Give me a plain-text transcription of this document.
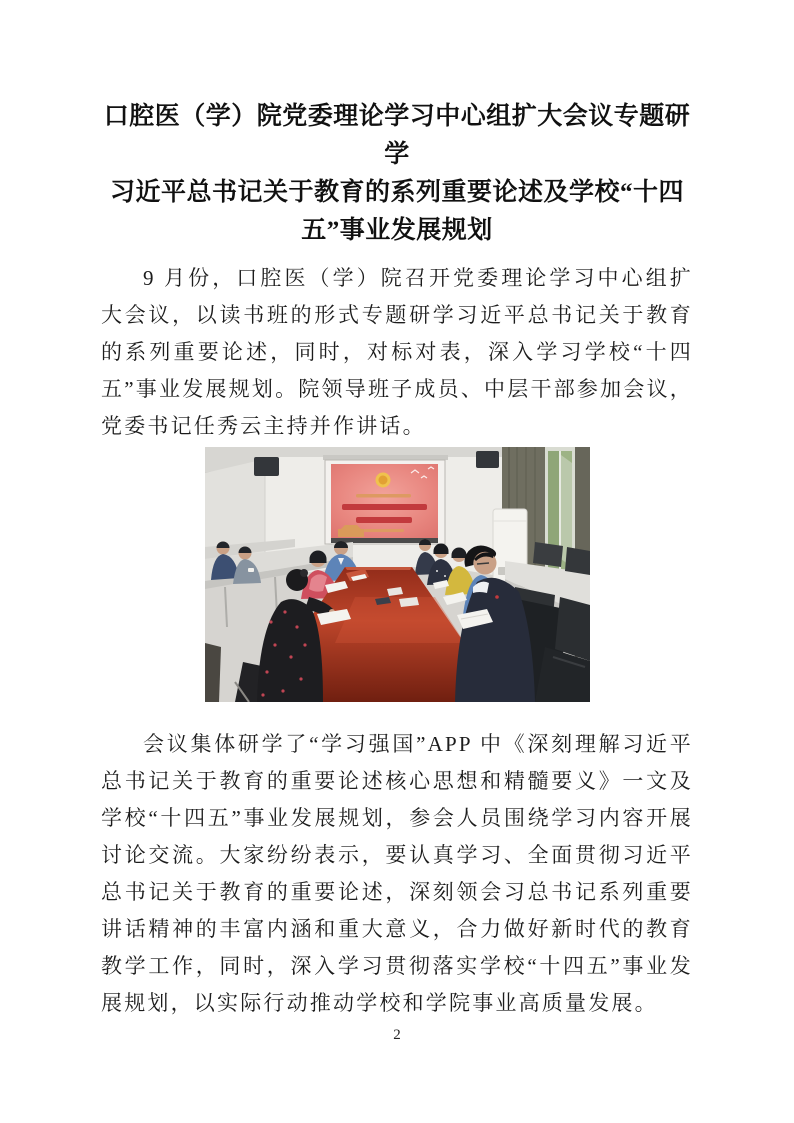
口腔医（学）院党委理论学习中心组扩大会议专题研学
习近平总书记关于教育的系列重要论述及学校“十四
五”事业发展规划
9 月份，口腔医（学）院召开党委理论学习中心组扩大会议，以读书班的形式专题研学习近平总书记关于教育的系列重要论述，同时，对标对表，深入学习学校“十四五”事业发展规划。院领导班子成员、中层干部参加会议，党委书记任秀云主持并作讲话。
会议集体研学了“学习强国”APP 中《深刻理解习近平总书记关于教育的重要论述核心思想和精髓要义》一文及学校“十四五”事业发展规划，参会人员围绕学习内容开展讨论交流。大家纷纷表示，要认真学习、全面贯彻习近平总书记关于教育的重要论述，深刻领会习总书记系列重要讲话精神的丰富内涵和重大意义，合力做好新时代的教育教学工作，同时，深入学习贯彻落实学校“十四五”事业发展规划，以实际行动推动学校和学院事业高质量发展。
2
